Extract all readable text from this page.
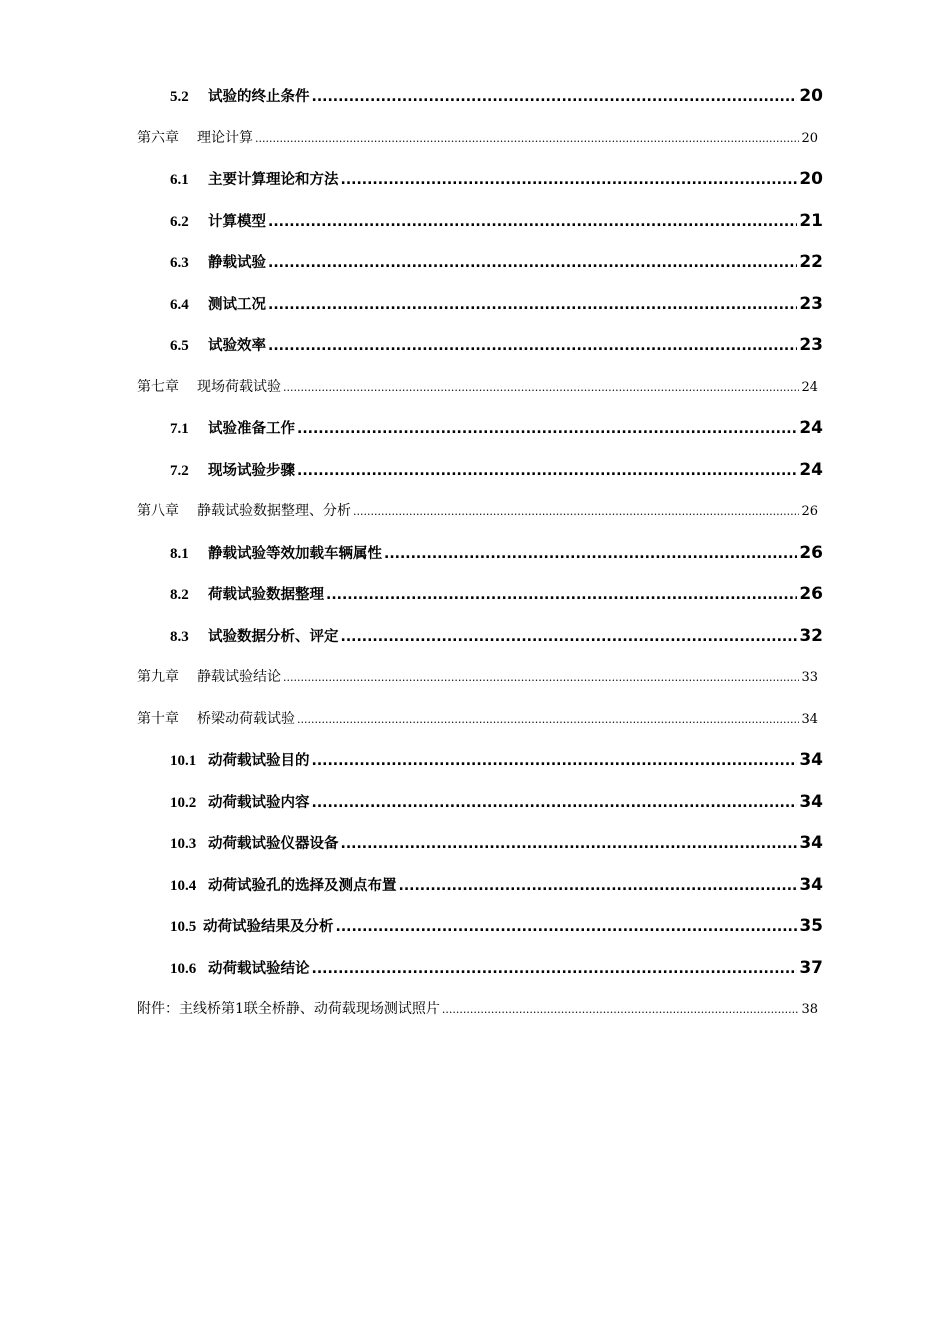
5.2	试验的终止条件 .....	20
第六章 理论计算 .....	20
6.1	主要计算理论和方法 .....	20
6.2	计算模型 .....	21
6.3	静载试验 .....	22
6.4	测试工况 .....	23
6.5	试验效率 .....	23
第七章 现场荷载试验 .....	24
7.1	试验准备工作 .....	24
7.2	现场试验步骤 .....	24
第八章 静载试验数据整理、分析 .....	26
8.1	静载试验等效加载车辆属性 .....	26
8.2	荷载试验数据整理 .....	26
8.3	试验数据分析、评定 .....	32
第九章 静载试验结论 .....	33
第十章 桥梁动荷载试验 .....	34
10.1 动荷载试验目的 .....	34
10.2 动荷载试验内容 .....	34
10.3 动荷载试验仪器设备 .....	34
10.4 动荷试验孔的选择及测点布置 .....	34
10.5 动荷试验结果及分析 .....	35
10.6 动荷载试验结论 .....	37
附件：主线桥第1联全桥静、动荷载现场测试照片 .....	38
